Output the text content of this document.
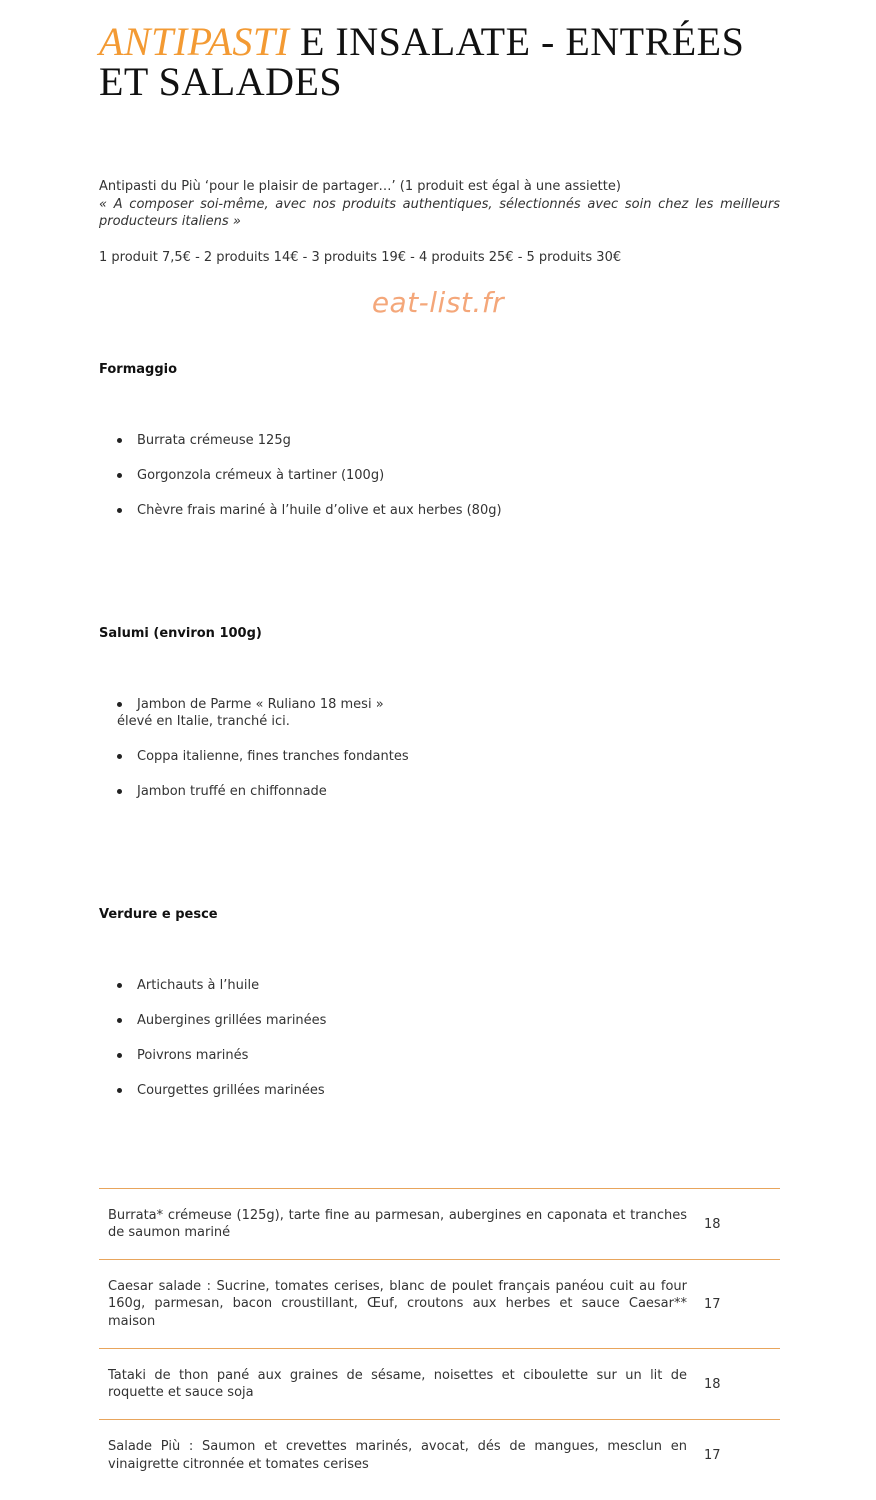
ANTIPASTI E INSALATE - ENTRÉES ET SALADES
Antipasti du Più ‘pour le plaisir de partager…’ (1 produit est égal à une assiette)
« A composer soi-même, avec nos produits authentiques, sélectionnés avec soin chez les meilleurs producteurs italiens »
1 produit 7,5€ - 2 produits 14€ - 3 produits 19€ - 4 produits 25€ - 5 produits 30€
eat-list.fr
Formaggio
Burrata crémeuse 125g
Gorgonzola crémeux à tartiner (100g)
Chèvre frais mariné à l’huile d’olive et aux herbes (80g)
Salumi (environ 100g)
Jambon de Parme « Ruliano 18 mesi »
élevé en Italie, tranché ici.
Coppa italienne, fines tranches fondantes
Jambon truffé en chiffonnade
Verdure e pesce
Artichauts à l’huile
Aubergines grillées marinées
Poivrons marinés
Courgettes grillées marinées
Burrata* crémeuse (125g), tarte fine au parmesan, aubergines en caponata et tranches de saumon mariné
18
Caesar salade : Sucrine, tomates cerises, blanc de poulet français panéou cuit au four 160g, parmesan, bacon croustillant, Œuf, croutons aux herbes et sauce Caesar** maison
17
Tataki de thon pané aux graines de sésame, noisettes et ciboulette sur un lit de roquette et sauce soja
18
Salade Più : Saumon et crevettes marinés, avocat, dés de mangues, mesclun en vinaigrette citronnée et tomates cerises
17
